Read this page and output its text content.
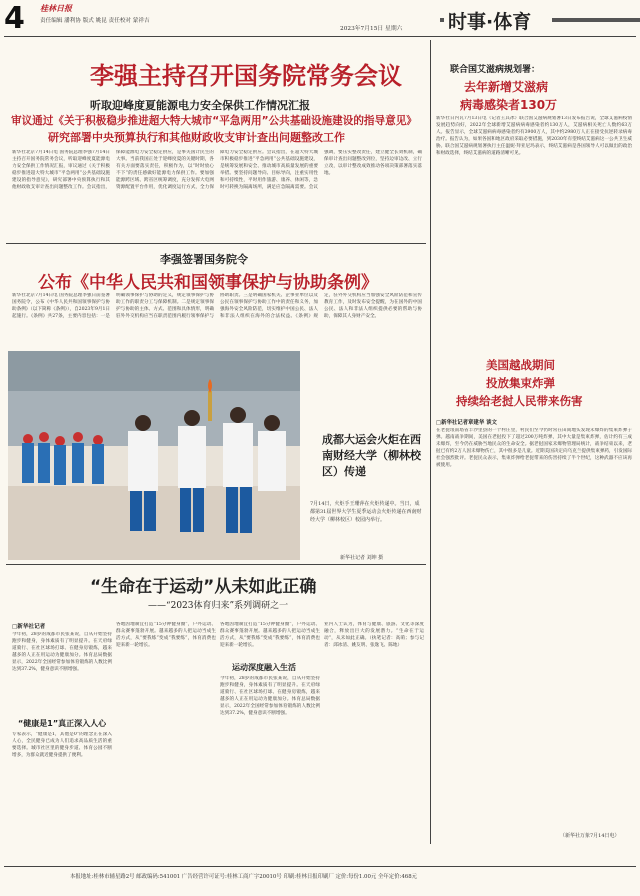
4 桂林日报
责任编辑 潘利协 版式 姚昆 责任校对 蒙祥吉
2023年7月15日 星期六 时事·体育
李强主持召开国务院常务会议
听取迎峰度夏能源电力安全保供工作情况汇报
审议通过《关于积极稳步推进超大特大城市“平急两用”公共基础设施建设的指导意见》
研究部署中央预算执行和其他财政收支审计查出问题整改工作
新华社北京7月14日电 国务院总理李强7月14日主持召开国务院常务会议，听取迎峰度夏能源电力安全保供工作情况汇报，审议通过《关于积极稳步推进超大特大城市“平急两用”公共基础设施建设的指导意见》，研究部署中央预算执行和其他财政收支审计查出问题整改工作。会议指出，保障能源电力安全稳定供应，是事关国计民生的大事。当前我国正处于迎峰度夏的关键时期，各有关方面要落实责任，积极作为，以“时时放心不下”的责任感做好能源电力保供工作。要加强能源跨区域、跨省区统筹调度，充分发挥大电网资源配置平台作用，优化调度运行方式，全力保障电力安全稳定供应。会议指出，在超大特大城市积极稳步推进“平急两用”公共基础设施建设，是统筹发展和安全、推动城市高质量发展的重要举措。要坚持问题导向、目标导向，注重实用性和可持续性，平时用作旅游、康养、休闲等，急时可转换为隔离场所，满足应急隔离需要。会议强调，要压实整改责任，建立健全长效机制，确保审计查出问题整改到位，坚持边审边改、立行立改，以审计整改成效推动各项决策部署落实落地。
李强签署国务院令
公布《中华人民共和国领事保护与协助条例》
新华社北京7月14日电 国务院总理李强日前签署国务院令，公布《中华人民共和国领事保护与协助条例》（以下简称《条例》），自2023年9月1日起施行。《条例》共27条，主要内容包括：一是明确领事保护与协助的定义，规定领事保护与协助工作的职责分工与保障机制。二是规定领事保护与协助的主体、方式、范围和具体情形，明确驻外外交机构应当在职责范围内履行领事保护与协助职责。三是明确国家机关、企事业单位以及公民在领事保护与协助工作中的责任和义务，加强海外安全风险防范，切实维护中国公民、法人和非法人组织在海外的合法权益。《条例》规定，驻外外交机构应当加强安全风险防范和宣传教育工作，及时发布安全提醒，为在国外的中国公民、法人和非法人组织提供必要的帮助与协助，保障其人身财产安全。
成都大运会火炬在西南财经大学（柳林校区）传递
7月14日，火炬手王珊萍在火炬传递中。当日，成都第31届世界大学生夏季运动会火炬传递在西南财经大学（柳林校区）校园内举行。
新华社记者 刘坤 摄
“生命在于运动”从未如此正确
——“2023体育归来”系列调研之一
□新华社记者
今年初，28岁的成都市民张某说，自从开始坚持跑步和健身，身体素质有了明显提升。在天府绿道骑行、在社区球场打球、在健身房锻炼，越来越多的人正在用运动为健康加分。体育总局数据显示，2022年全国经常参加体育锻炼的人数比例达到37.2%，健身意识不断增强。
“健康是1”真正深入人心
专家表示，“健康是1，其他是0”的理念正在深入人心，全民健身已成为人们追求高品质生活的重要选择。城市社区里的健身步道、体育公园不断增多，为群众就近健身提供了便利。
各地因地制宜打造“15分钟健身圈”，户外运动、群众赛事蓬勃开展。越来越多的人把运动当成生活方式，从“要我练”变成“我要练”，体育消费也迎来新一轮增长。
运动深度融入生活
各地因地制宜打造“15分钟健身圈”，户外运动、群众赛事蓬勃开展。越来越多的人把运动当成生活方式，从“要我练”变成“我要练”，体育消费也迎来新一轮增长。
今年初，28岁的成都市民张某说，自从开始坚持跑步和健身，身体素质有了明显提升。在天府绿道骑行、在社区球场打球、在健身房锻炼，越来越多的人正在用运动为健康加分。体育总局数据显示，2022年全国经常参加体育锻炼的人数比例达到37.2%，健身意识不断增强。
业内人士认为，体育与健康、旅游、文化等深度融合，释放出巨大的发展潜力。“生命在于运动”，从未如此正确。（执笔记者：高萌；参与记者：邱冰清、姚友明、张逸飞、陈地）
联合国艾滋病规划署：
去年新增艾滋病
病毒感染者130万
新华社日内瓦7月13日电（记者王其冰）联合国艾滋病规划署13日发布报告说，全球艾滋病疫情发展趋势向好，2022年全球新增艾滋病病毒感染者约130万人，艾滋病相关死亡人数约63万人。报告显示，全球艾滋病病毒感染者约有3900万人，其中约2980万人正在接受抗逆转录病毒治疗。报告认为，如果各国和地区政府采取必要措施，到2030年有望终结艾滋病这一公共卫生威胁。联合国艾滋病规划署执行主任温妮·拜亚尼玛表示，终结艾滋病是各国领导人可以做出的政治和财政选择，终结艾滋病的道路清晰可见。
美国越战期间
投放集束炸弹
持续给老挝人民带来伤害
□新华社记者章建华 谈文
在老挝琅南塔省丰沙里县的一个村庄里，村民们至今仍时常在田间地头发现未爆炸的集束炸弹子弹。越南战争期间，美国在老挝投下了超过200万吨炸弹，其中大量是集束炸弹，估计约有三成未爆炸，至今仍在威胁当地民众的生命安全。据老挝国家未爆物管理局统计，战争结束以来，老挝已有约2万人因未爆物伤亡，其中很多是儿童。近期美国决定向乌克兰提供集束弹药，引发国际社会强烈批评。老挝民众表示，集束炸弹给老挝带来的伤害持续了半个世纪，这种武器不应该再被使用。
（新华社万象7月14日电）
本报地址:桂林市辅星路2号 邮政编码:541001 广告经营许可证号:桂林工商广字20010号 印刷:桂林日报印刷厂 定价:每份1.00元 全年定价:468元
